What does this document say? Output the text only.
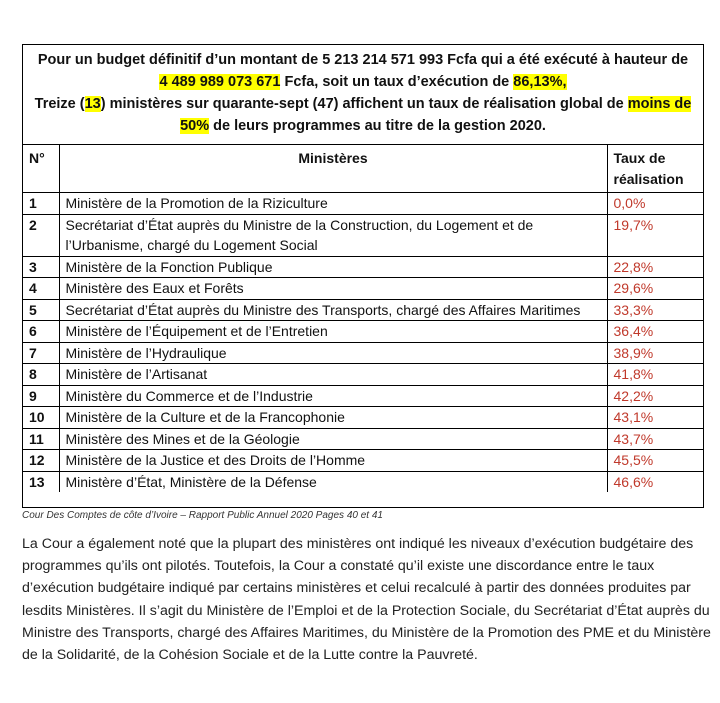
Pour un budget définitif d’un montant de 5 213 214 571 993 Fcfa qui a été exécuté à hauteur de
4 489 989 073 671 Fcfa, soit un taux d’exécution de 86,13%,
Treize (13) ministères sur quarante-sept (47) affichent un taux de réalisation global de moins de
50% de leurs programmes au titre de la gestion 2020.
N°	Ministères	Taux de
réalisation

1	Ministère de la Promotion de la Riziculture	0,0%
2	Secrétariat d’État auprès du Ministre de la Construction, du Logement et de l’Urbanisme, chargé du Logement Social	19,7%
3	Ministère de la Fonction Publique	22,8%
4	Ministère des Eaux et Forêts	29,6%
5	Secrétariat d’État auprès du Ministre des Transports, chargé des Affaires Maritimes	33,3%
6	Ministère de l’Équipement et de l’Entretien	36,4%
7	Ministère de l’Hydraulique	38,9%
8	Ministère de l’Artisanat	41,8%
9	Ministère du Commerce et de l’Industrie	42,2%
10	Ministère de la Culture et de la Francophonie	43,1%
11	Ministère des Mines et de la Géologie	43,7%
12	Ministère de la Justice et des Droits de l’Homme	45,5%
13	Ministère d’État, Ministère de la Défense	46,6%
Cour Des Comptes de côte d’Ivoire – Rapport Public Annuel 2020 Pages 40 et 41

La Cour a également noté que la plupart des ministères ont indiqué les niveaux d’exécution budgétaire des programmes qu’ils ont pilotés. Toutefois, la Cour a constaté qu’il existe une discordance entre le taux d’exécution budgétaire indiqué par certains ministères et celui recalculé à partir des données produites par lesdits Ministères. Il s’agit du Ministère de l’Emploi et de la Protection Sociale, du Secrétariat d’État auprès du Ministre des Transports, chargé des Affaires Maritimes, du Ministère de la Promotion des PME et du Ministère de la Solidarité, de la Cohésion Sociale et de la Lutte contre la Pauvreté.
